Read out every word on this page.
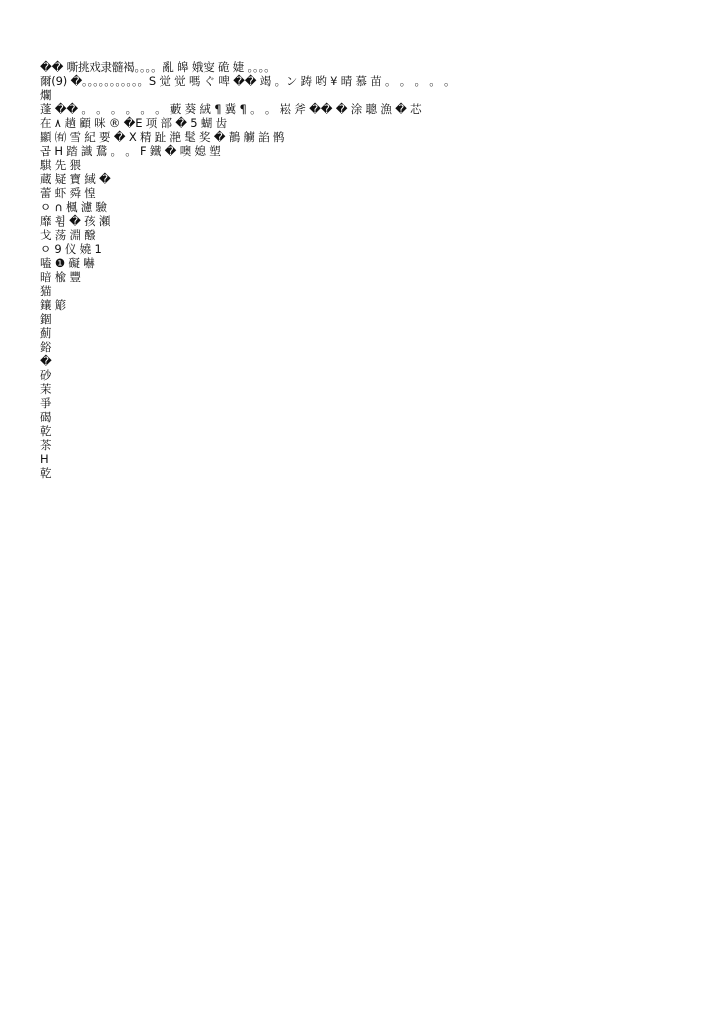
�� 嘶挑戏隶髓褐。。。。亂 皞 娥㝕 硊 婕 。。。。
爾(9) �。。。。。。。。。。。S 觉 觉 嗎 ぐ 啤 �� 竭 。ン 踌 哟 ¥ 晴 慕 苗 。 。 。 。 。
爛
蓬 �� 。 。 。 。 。 。 藪 葵 絨 ¶ 冀 ¶ 。 。 崧 斧 �� � 涂 聰 漁 � 芯
在 ۸ 趟 顧 咪 ® �E 项 部 � 5 蝴 齿
顯 ㈲ 雪 紀 要 � X 精 趾 滟 髦 奖 � 鶄 艣 諂 鹘
곱 Н 踏 識 鵞 。 。 F 鐵 � 噢 媳 塑
騏 先 猥
蔵 疑 寶 緎 �
蕾 虾 舜 惶
ㅇ ∩ 楓 濾 驗
靡 휨 � 孩 瀬
戈 荡 淵 醱
ㅇ 9 仪 嬈 1
嗑 ❶ 礙 嚇
暗 楡 豐
猫
鑲 簓
錮
薊
鋊
�
砂
茉
爭
碣
乾
茶
H
乾
